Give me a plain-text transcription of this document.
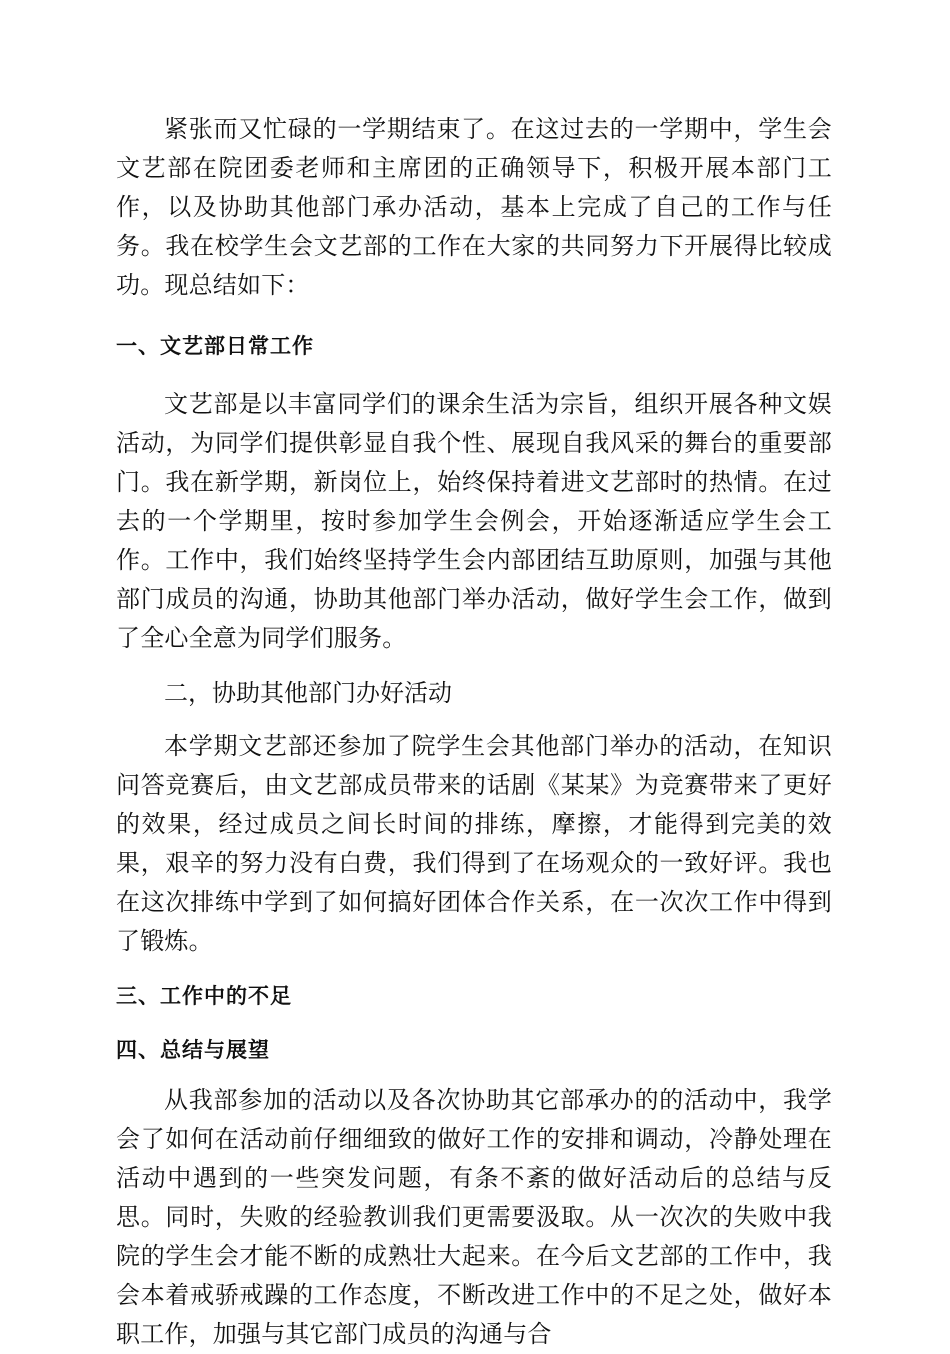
紧张而又忙碌的一学期结束了。在这过去的一学期中，学生会文艺部在院团委老师和主席团的正确领导下，积极开展本部门工作，以及协助其他部门承办活动，基本上完成了自己的工作与任务。我在校学生会文艺部的工作在大家的共同努力下开展得比较成功。现总结如下：

一、文艺部日常工作

文艺部是以丰富同学们的课余生活为宗旨，组织开展各种文娱活动，为同学们提供彰显自我个性、展现自我风采的舞台的重要部门。我在新学期，新岗位上，始终保持着进文艺部时的热情。在过去的一个学期里，按时参加学生会例会，开始逐渐适应学生会工作。工作中，我们始终坚持学生会内部团结互助原则，加强与其他部门成员的沟通，协助其他部门举办活动，做好学生会工作，做到了全心全意为同学们服务。

二，协助其他部门办好活动

本学期文艺部还参加了院学生会其他部门举办的活动，在知识问答竞赛后，由文艺部成员带来的话剧《某某》为竞赛带来了更好的效果，经过成员之间长时间的排练，摩擦，才能得到完美的效果，艰辛的努力没有白费，我们得到了在场观众的一致好评。我也在这次排练中学到了如何搞好团体合作关系，在一次次工作中得到了锻炼。

三、工作中的不足

四、总结与展望

从我部参加的活动以及各次协助其它部承办的的活动中，我学会了如何在活动前仔细细致的做好工作的安排和调动，冷静处理在活动中遇到的一些突发问题，有条不紊的做好活动后的总结与反思。同时，失败的经验教训我们更需要汲取。从一次次的失败中我院的学生会才能不断的成熟壮大起来。在今后文艺部的工作中，我会本着戒骄戒躁的工作态度，不断改进工作中的不足之处，做好本职工作，加强与其它部门成员的沟通与合
